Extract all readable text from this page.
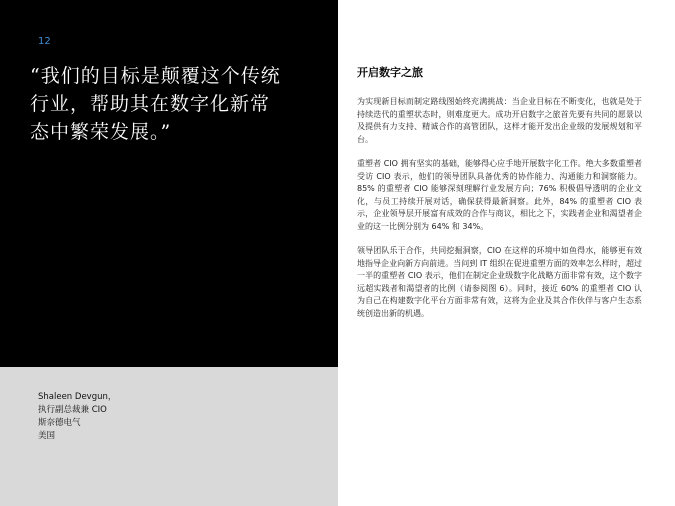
12

“我们的目标是颠覆这个传统
行业，帮助其在数字化新常
态中繁荣发展。”

Shaleen Devgun，
执行副总裁兼 CIO
斯奈德电气
美国
开启数字之旅

为实现新目标而制定路线图始终充满挑战：当企业目标在不断变化，也就是处于持续迭代的重塑状态时，则难度更大。成功开启数字之旅首先要有共同的愿景以及提供有力支持、精诚合作的高管团队，这样才能开发出企业级的发展规划和平台。

重塑者 CIO 拥有坚实的基础，能够得心应手地开展数字化工作。绝大多数重塑者受访 CIO 表示，他们的领导团队具备优秀的协作能力、沟通能力和洞察能力。85% 的重塑者 CIO 能够深刻理解行业发展方向；76% 积极倡导透明的企业文化，与员工持续开展对话，确保获得最新洞察。此外，84% 的重塑者 CIO 表示，企业领导层开展富有成效的合作与商议，相比之下，实践者企业和渴望者企业的这一比例分别为 64% 和 34%。

领导团队乐于合作，共同挖掘洞察，CIO 在这样的环境中如鱼得水，能够更有效地指导企业向新方向前进。当问到 IT 组织在促进重塑方面的效率怎么样时，超过一半的重塑者 CIO 表示，他们在制定企业级数字化战略方面非常有效，这个数字远超实践者和渴望者的比例（请参阅图 6）。同时，接近 60% 的重塑者 CIO 认为自己在构建数字化平台方面非常有效，这将为企业及其合作伙伴与客户生态系统创造出新的机遇。
